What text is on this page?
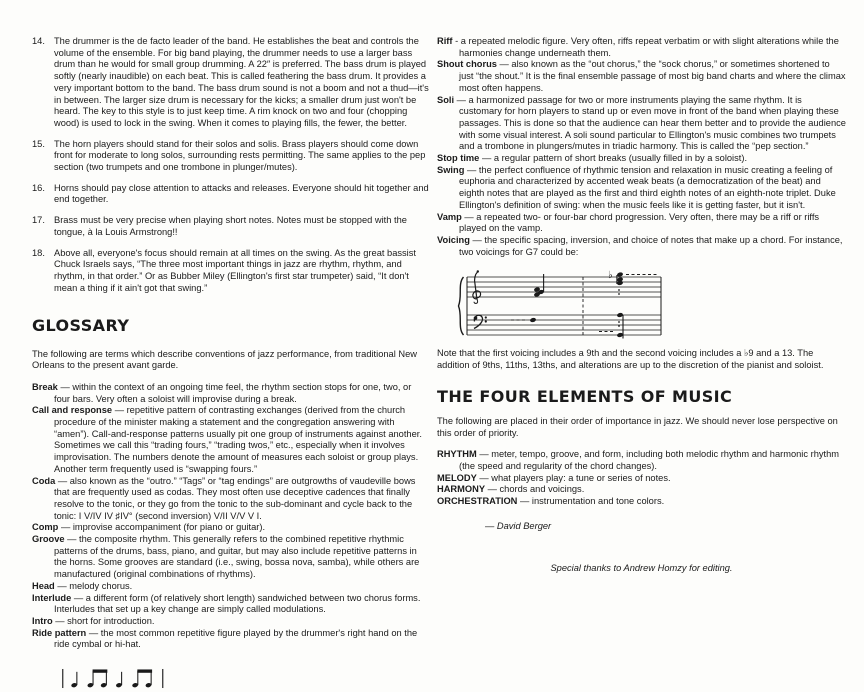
14. The drummer is the de facto leader of the band. He establishes the beat and controls the volume of the ensemble. For big band playing, the drummer needs to use a larger bass drum than he would for small group drumming. A 22″ is preferred. The bass drum is played softly (nearly inaudible) on each beat. This is called feathering the bass drum. It provides a very important bottom to the band. The bass drum sound is not a boom and not a thud—it's in between. The larger size drum is necessary for the kicks; a smaller drum just won't be heard. The key to this style is to just keep time. A rim knock on two and four (chopping wood) is used to lock in the swing. When it comes to playing fills, the fewer, the better.

15. The horn players should stand for their solos and solis. Brass players should come down front for moderate to long solos, surrounding rests permitting. The same applies to the pep section (two trumpets and one trombone in plunger/mutes).

16. Horns should pay close attention to attacks and releases. Everyone should hit together and end together.

17. Brass must be very precise when playing short notes. Notes must be stopped with the tongue, à la Louis Armstrong!!

18. Above all, everyone's focus should remain at all times on the swing. As the great bassist Chuck Israels says, “The three most important things in jazz are rhythm, rhythm, and rhythm, in that order.” Or as Bubber Miley (Ellington's first star trumpeter) said, “It don't mean a thing if it ain't got that swing.”

GLOSSARY

The following are terms which describe conventions of jazz performance, from traditional New Orleans to the present avant garde.

Break — within the context of an ongoing time feel, the rhythm section stops for one, two, or four bars. Very often a soloist will improvise during a break.

Call and response — repetitive pattern of contrasting exchanges (derived from the church procedure of the minister making a statement and the congregation answering with “amen”). Call-and-response patterns usually pit one group of instruments against another. Sometimes we call this “trading fours,” “trading twos,” etc., especially when it involves improvisation. The numbers denote the amount of measures each soloist or group plays. Another term frequently used is “swapping fours.”

Coda — also known as the “outro.” “Tags” or “tag endings” are outgrowths of vaudeville bows that are frequently used as codas. They most often use deceptive cadences that finally resolve to the tonic, or they go from the tonic to the sub-dominant and cycle back to the tonic: I V/IV IV ♯IV° (second inversion) V/II V/V V I.

Comp — improvise accompaniment (for piano or guitar).

Groove — the composite rhythm. This generally refers to the combined repetitive rhythmic patterns of the drums, bass, piano, and guitar, but may also include repetitive patterns in the horns. Some grooves are standard (i.e., swing, bossa nova, samba), while others are manufactured (original combinations of rhythms).

Head — melody chorus.

Interlude — a different form (of relatively short length) sandwiched between two chorus forms. Interludes that set up a key change are simply called modulations.

Intro — short for introduction.

Ride pattern — the most common repetitive figure played by the drummer's right hand on the ride cymbal or hi-hat.

Riff - a repeated melodic figure. Very often, riffs repeat verbatim or with slight alterations while the harmonies change underneath them.

Shout chorus — also known as the “out chorus,” the “sock chorus,” or sometimes shortened to just “the shout.” It is the final ensemble passage of most big band charts and where the climax most often happens.

Soli — a harmonized passage for two or more instruments playing the same rhythm. It is customary for horn players to stand up or even move in front of the band when playing these passages. This is done so that the audience can hear them better and to provide the audience with some visual interest. A soli sound particular to Ellington's music combines two trumpets and a trombone in plungers/mutes in triadic harmony. This is called the “pep section.”

Stop time — a regular pattern of short breaks (usually filled in by a soloist).

Swing — the perfect confluence of rhythmic tension and relaxation in music creating a feeling of euphoria and characterized by accented weak beats (a democratization of the beat) and eighth notes that are played as the first and third eighth notes of an eighth-note triplet. Duke Ellington's definition of swing: when the music feels like it is getting faster, but it isn't.

Vamp — a repeated two- or four-bar chord progression. Very often, there may be a riff or riffs played on the vamp.

Voicing — the specific spacing, inversion, and choice of notes that make up a chord. For instance, two voicings for G7 could be:

♭

Note that the first voicing includes a 9th and the second voicing includes a ♭9 and a 13. The addition of 9ths, 11ths, 13ths, and alterations are up to the discretion of the pianist and soloist.

THE FOUR ELEMENTS OF MUSIC

The following are placed in their order of importance in jazz. We should never lose perspective on this order of priority.

RHYTHM — meter, tempo, groove, and form, including both melodic rhythm and harmonic rhythm (the speed and regularity of the chord changes).

MELODY — what players play: a tune or series of notes.

HARMONY — chords and voicings.

ORCHESTRATION — instrumentation and tone colors.

— David Berger

Special thanks to Andrew Homzy for editing.
